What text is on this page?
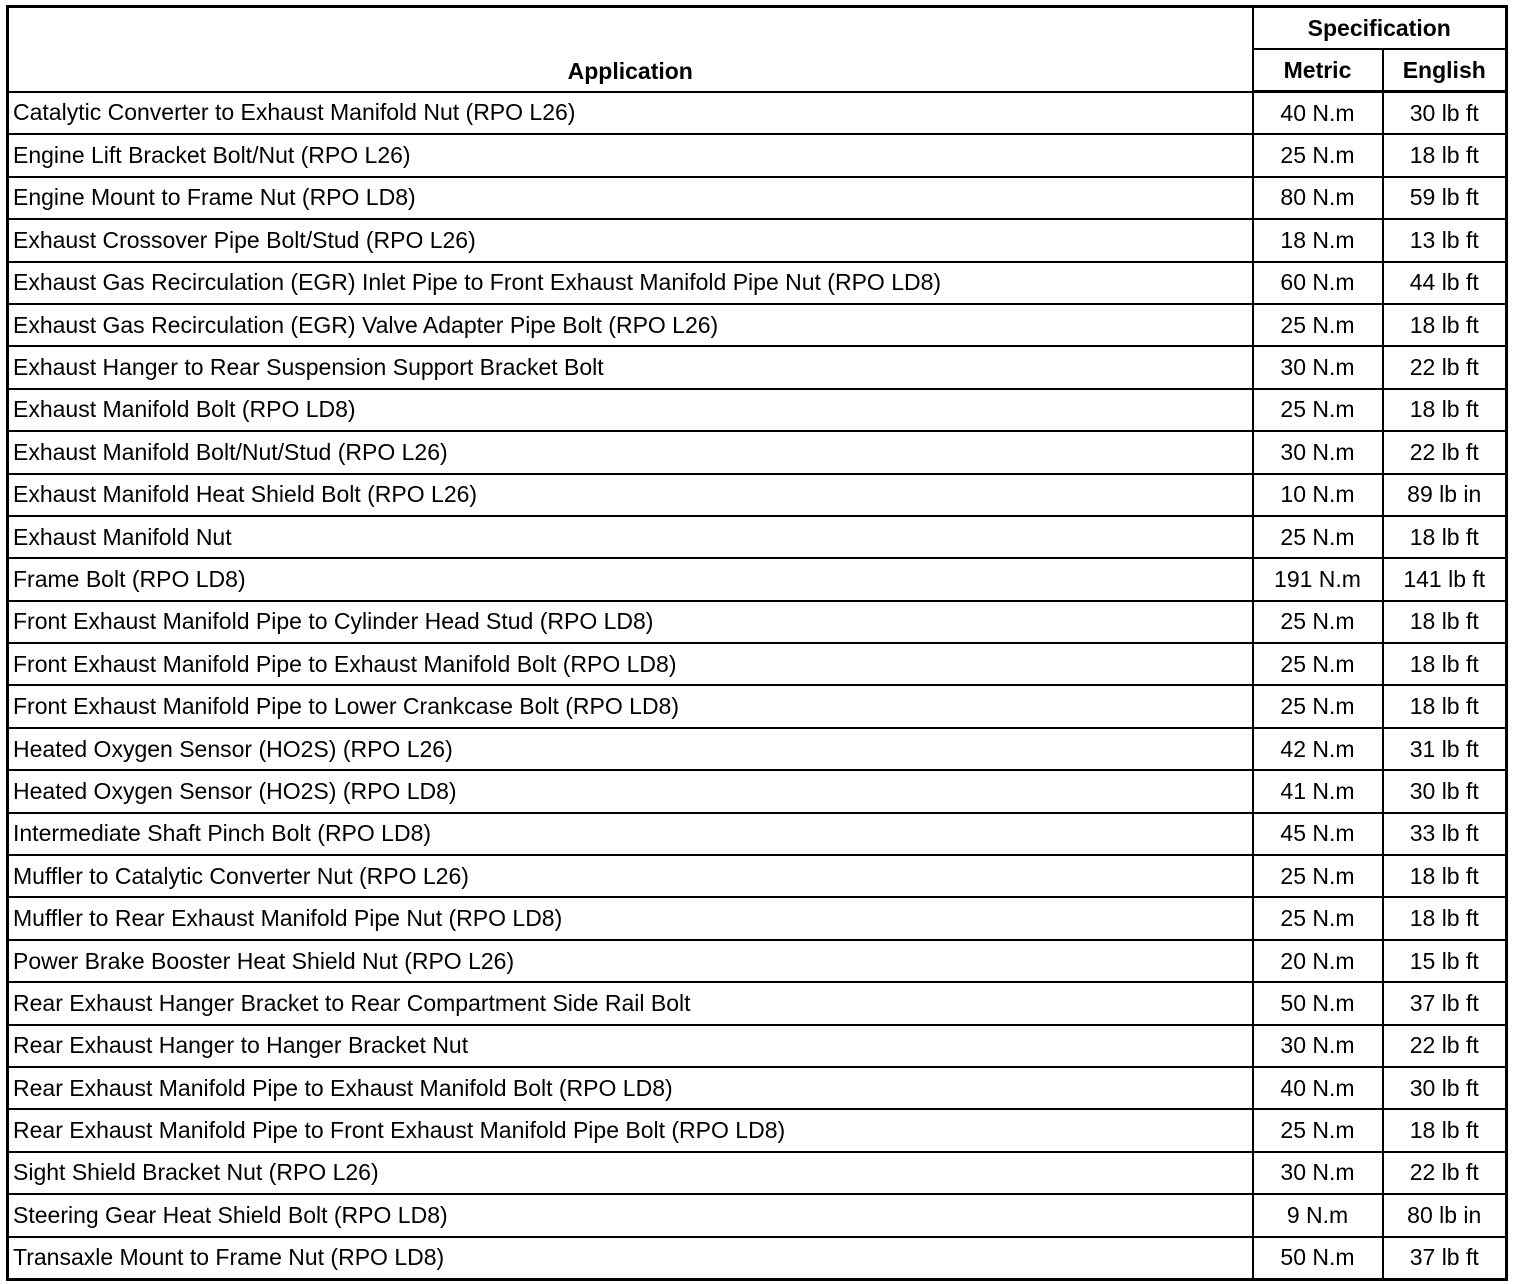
Application	Specification	
	Metric	English
Catalytic Converter to Exhaust Manifold Nut (RPO L26)	40 N.m	30 lb ft
Engine Lift Bracket Bolt/Nut (RPO L26)	25 N.m	18 lb ft
Engine Mount to Frame Nut (RPO LD8)	80 N.m	59 lb ft
Exhaust Crossover Pipe Bolt/Stud (RPO L26)	18 N.m	13 lb ft
Exhaust Gas Recirculation (EGR) Inlet Pipe to Front Exhaust Manifold Pipe Nut (RPO LD8)	60 N.m	44 lb ft
Exhaust Gas Recirculation (EGR) Valve Adapter Pipe Bolt (RPO L26)	25 N.m	18 lb ft
Exhaust Hanger to Rear Suspension Support Bracket Bolt	30 N.m	22 lb ft
Exhaust Manifold Bolt (RPO LD8)	25 N.m	18 lb ft
Exhaust Manifold Bolt/Nut/Stud (RPO L26)	30 N.m	22 lb ft
Exhaust Manifold Heat Shield Bolt (RPO L26)	10 N.m	89 lb in
Exhaust Manifold Nut	25 N.m	18 lb ft
Frame Bolt (RPO LD8)	191 N.m	141 lb ft
Front Exhaust Manifold Pipe to Cylinder Head Stud (RPO LD8)	25 N.m	18 lb ft
Front Exhaust Manifold Pipe to Exhaust Manifold Bolt (RPO LD8)	25 N.m	18 lb ft
Front Exhaust Manifold Pipe to Lower Crankcase Bolt (RPO LD8)	25 N.m	18 lb ft
Heated Oxygen Sensor (HO2S) (RPO L26)	42 N.m	31 lb ft
Heated Oxygen Sensor (HO2S) (RPO LD8)	41 N.m	30 lb ft
Intermediate Shaft Pinch Bolt (RPO LD8)	45 N.m	33 lb ft
Muffler to Catalytic Converter Nut (RPO L26)	25 N.m	18 lb ft
Muffler to Rear Exhaust Manifold Pipe Nut (RPO LD8)	25 N.m	18 lb ft
Power Brake Booster Heat Shield Nut (RPO L26)	20 N.m	15 lb ft
Rear Exhaust Hanger Bracket to Rear Compartment Side Rail Bolt	50 N.m	37 lb ft
Rear Exhaust Hanger to Hanger Bracket Nut	30 N.m	22 lb ft
Rear Exhaust Manifold Pipe to Exhaust Manifold Bolt (RPO LD8)	40 N.m	30 lb ft
Rear Exhaust Manifold Pipe to Front Exhaust Manifold Pipe Bolt (RPO LD8)	25 N.m	18 lb ft
Sight Shield Bracket Nut (RPO L26)	30 N.m	22 lb ft
Steering Gear Heat Shield Bolt (RPO LD8)	9 N.m	80 lb in
Transaxle Mount to Frame Nut (RPO LD8)	50 N.m	37 lb ft
